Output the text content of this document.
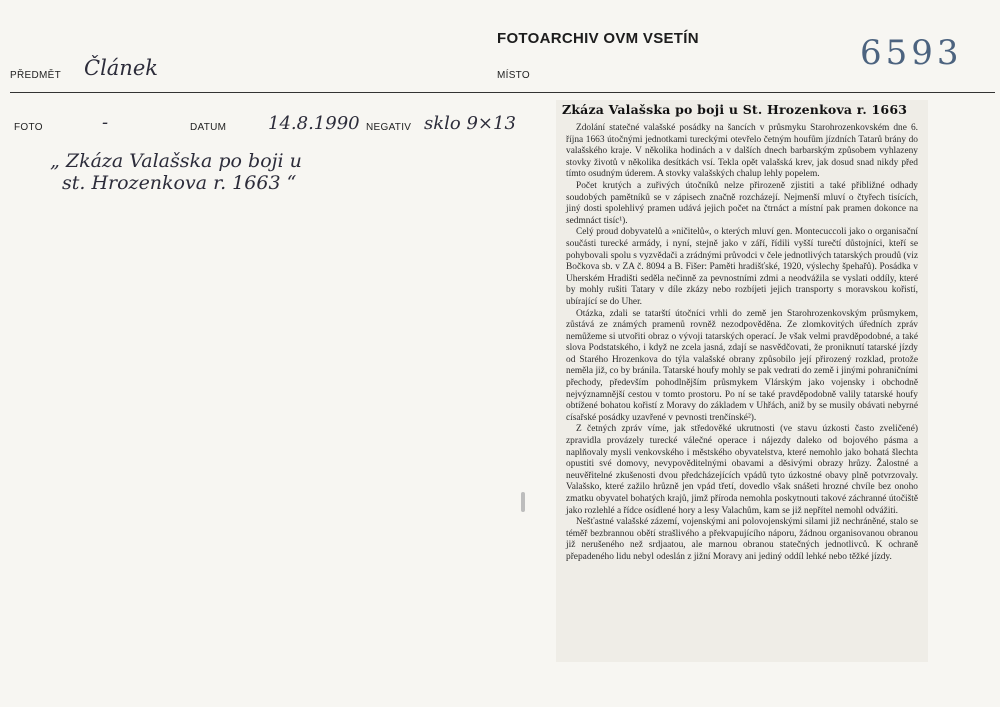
FOTOARCHIV OVM VSETÍN	6593
PŘEDMĚT Článek	MÍSTO
FOTO	-	DATUM 14.8.1990 NEGATIV sklo 9×13
„ Zkáza Valašska po boji u
st. Hrozenkova r. 1663 “
Zkáza Valašska po boji u St. Hrozenkova r. 1663

Zdolání statečné valašské posádky na šancích v průsmyku Starohrozenkovském dne 6. října 1663 útočnými jednotkami tureckými otevřelo četným houfům jízdních Tatarů brány do valašského kraje. V několika hodinách a v dalších dnech barbarským způsobem vyhlazeny stovky životů v několika desítkách vsí. Tekla opět valašská krev, jak dosud snad nikdy před tímto osudným úderem. A stovky valašských chalup lehly popelem.

Počet krutých a zuřivých útočníků nelze přirozeně zjistiti a také přibližné odhady soudobých pamětníků se v zápisech značně rozcházejí. Nejmenší mluví o čtyřech tisících, jiný dosti spolehlivý pramen udává jejich počet na čtrnáct a místní pak pramen dokonce na sedmnáct tisíc¹).

Celý proud dobyvatelů a »ničitelů«, o kterých mluví gen. Montecuccoli jako o organisační součásti turecké armády, i nyní, stejně jako v září, řídili vyšší turečtí důstojníci, kteří se pohybovali spolu s vyzvědači a zrádnými průvodci v čele jednotlivých tatarských proudů (viz Bočkova sb. v ZA č. 8094 a B. Fišer: Paměti hradišťské, 1920, výslechy špehařů). Posádka v Uherském Hradišti seděla nečinně za pevnostními zdmi a neodvážila se vyslati oddíly, které by mohly rušiti Tatary v díle zkázy nebo rozbíjeti jejich transporty s moravskou kořistí, ubírající se do Uher.

Otázka, zdali se tatarští útočníci vrhli do země jen Starohrozenkovským průsmykem, zůstává ze známých pramenů rovněž nezodpověděna. Ze zlomkovitých úředních zpráv nemůžeme si utvořiti obraz o vývoji tatarských operací. Je však velmi pravděpodobné, a také slova Podstatského, i když ne zcela jasná, zdají se nasvědčovati, že proniknutí tatarské jízdy od Starého Hrozenkova do týla valašské obrany způsobilo její přirozený rozklad, protože neměla již, co by bránila. Tatarské houfy mohly se pak vedrati do země i jinými pohraničními přechody, především pohodlnějším průsmykem Vlárským jako vojensky i obchodně nejvýznamnější cestou v tomto prostoru. Po ní se také pravděpodobně valily tatarské houfy obtížené bohatou kořistí z Moravy do základem v Uhřách, aniž by se musily obávati nebyrné císařské posádky uzavřené v pevnosti trenčínské²).

Z četných zpráv víme, jak středověké ukrutnosti (ve stavu úzkosti často zveličené) zpravidla provázely turecké válečné operace i nájezdy daleko od bojového pásma a naplňovaly mysli venkovského i městského obyvatelstva, které nemohlo jako bohatá šlechta opustiti své domovy, nevypověditelnými obavami a děsivými obrazy hrůzy. Žalostné a neuvěřitelné zkušenosti dvou předcházejících vpádů tyto úzkostné obavy plně potvrzovaly. Valašsko, které zažilo hrůzně jen vpád třetí, dovedlo však snášeti hrozné chvíle bez onoho zmatku obyvatel bohatých krajů, jimž příroda nemohla poskytnouti takové záchranné útočiště jako rozlehlé a řídce osídlené hory a lesy Valachům, kam se již nepřítel nemohl odvážiti.

Nešťastné valašské zázemí, vojenskými ani polovojenskými silami již nechráněné, stalo se téměř bezbrannou obětí strašlivého a překvapujícího náporu, žádnou organisovanou obranou již nerušeného než srdjaatou, ale marnou obranou statečných jednotlivců. K ochraně přepadeného lidu nebyl odeslán z jižní Moravy ani jediný oddíl lehké nebo těžké jízdy.
